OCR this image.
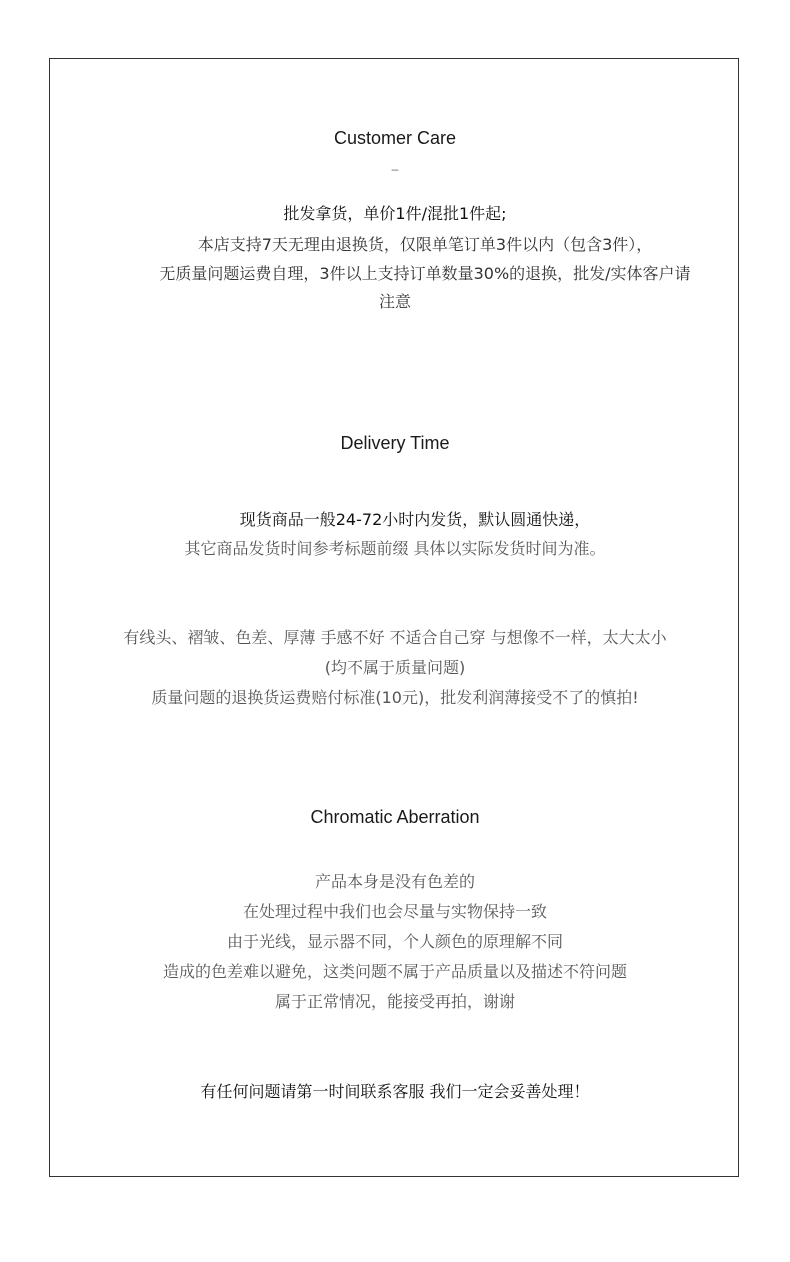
Customer Care
–
批发拿货，单价1件/混批1件起;
本店支持7天无理由退换货，仅限单笔订单3件以内（包含3件），
无质量问题运费自理，3件以上支持订单数量30%的退换，批发/实体客户请
注意
Delivery Time
现货商品一般24-72小时内发货，默认圆通快递，
其它商品发货时间参考标题前缀 具体以实际发货时间为准。
有线头、褶皱、色差、厚薄 手感不好 不适合自己穿 与想像不一样，太大太小
(均不属于质量问题)
质量问题的退换货运费赔付标准(10元)，批发利润薄接受不了的慎拍!
Chromatic Aberration
产品本身是没有色差的
在处理过程中我们也会尽量与实物保持一致
由于光线，显示器不同，个人颜色的原理解不同
造成的色差难以避免，这类问题不属于产品质量以及描述不符问题
属于正常情况，能接受再拍，谢谢
有任何问题请第一时间联系客服 我们一定会妥善处理！
